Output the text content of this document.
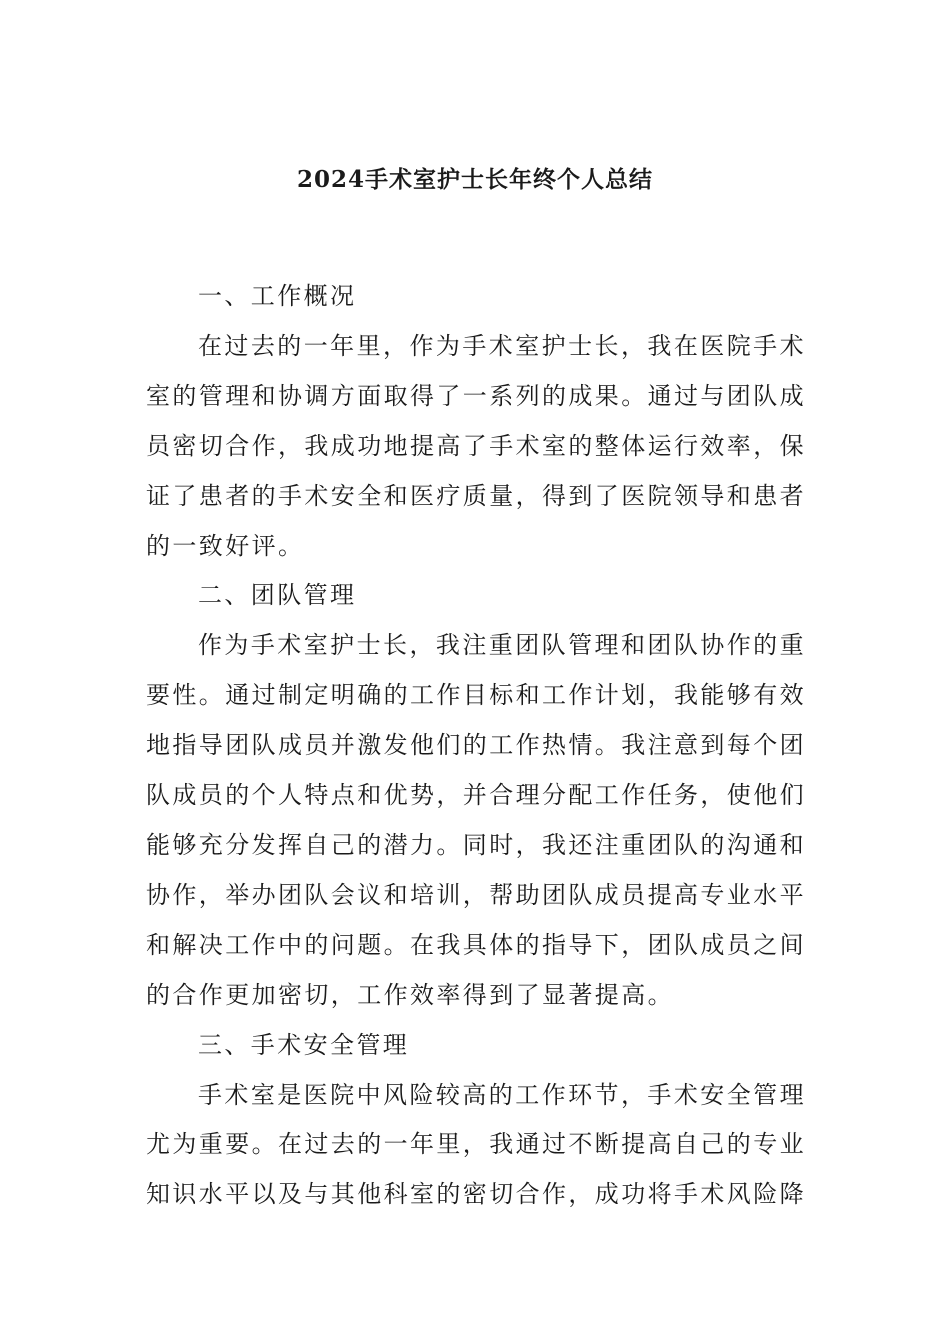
2024手术室护士长年终个人总结

一、工作概况

在过去的一年里，作为手术室护士长，我在医院手术室的管理和协调方面取得了一系列的成果。通过与团队成员密切合作，我成功地提高了手术室的整体运行效率，保证了患者的手术安全和医疗质量，得到了医院领导和患者的一致好评。

二、团队管理

作为手术室护士长，我注重团队管理和团队协作的重要性。通过制定明确的工作目标和工作计划，我能够有效地指导团队成员并激发他们的工作热情。我注意到每个团队成员的个人特点和优势，并合理分配工作任务，使他们能够充分发挥自己的潜力。同时，我还注重团队的沟通和协作，举办团队会议和培训，帮助团队成员提高专业水平和解决工作中的问题。在我具体的指导下，团队成员之间的合作更加密切，工作效率得到了显著提高。

三、手术安全管理

手术室是医院中风险较高的工作环节，手术安全管理尤为重要。在过去的一年里，我通过不断提高自己的专业知识水平以及与其他科室的密切合作，成功将手术风险降
